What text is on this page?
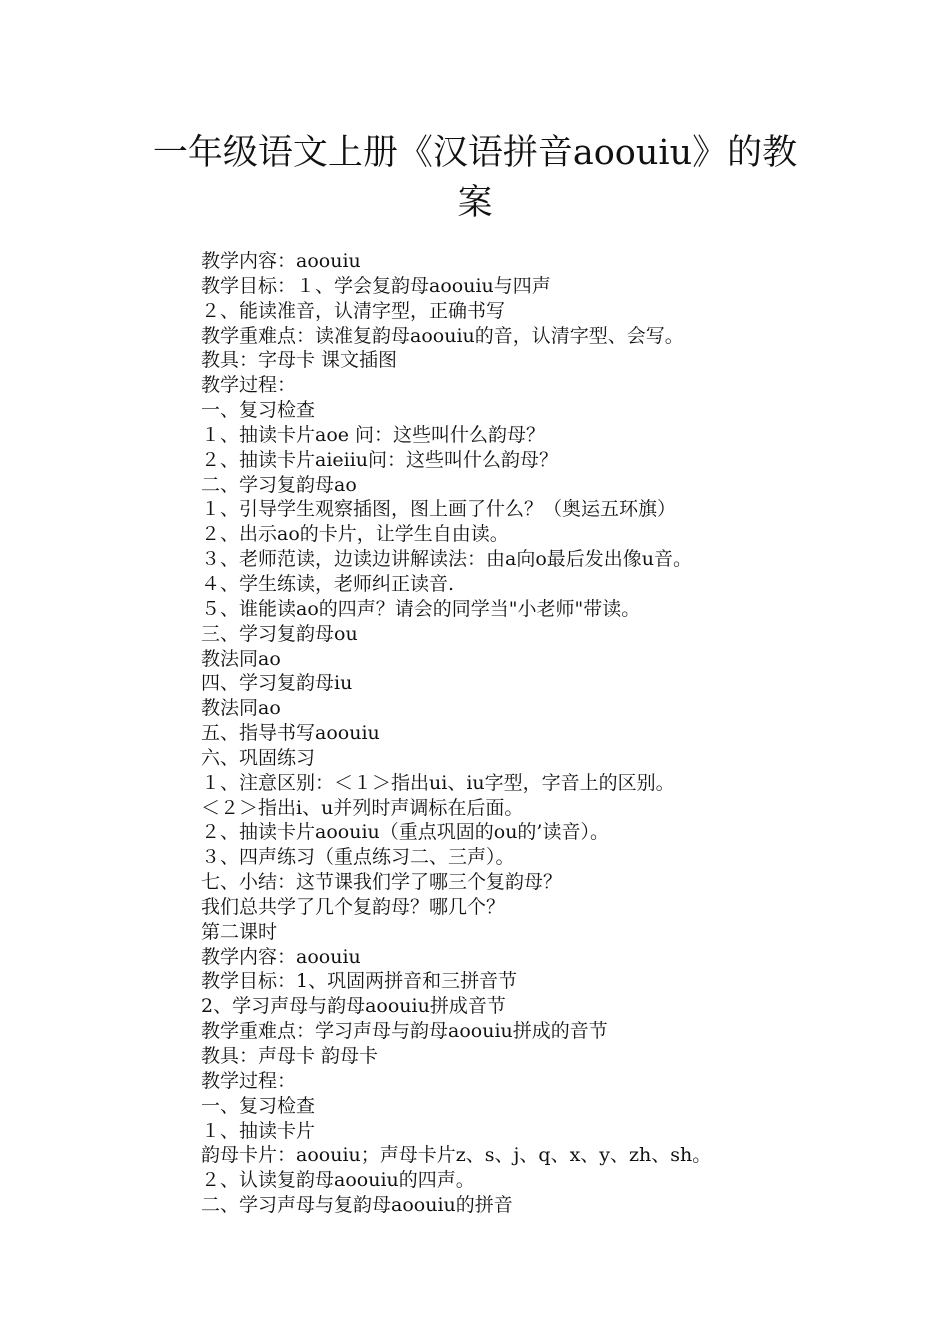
一年级语文上册《汉语拼音aoouiu》的教案
教学内容：aoouiu
教学目标：１、学会复韵母aoouiu与四声
２、能读准音，认清字型，正确书写
教学重难点：读准复韵母aoouiu的音，认清字型、会写。
教具：字母卡 课文插图
教学过程：
一、复习检查
１、抽读卡片aoe 问：这些叫什么韵母？
２、抽读卡片aieiiu问：这些叫什么韵母？
二、学习复韵母ao
１、引导学生观察插图，图上画了什么？（奥运五环旗）
２、出示ao的卡片，让学生自由读。
３、老师范读，边读边讲解读法：由a向o最后发出像u音。
４、学生练读，老师纠正读音.
５、谁能读ao的四声？请会的同学当"小老师"带读。
三、学习复韵母ou
教法同ao
四、学习复韵母iu
教法同ao
五、指导书写aoouiu
六、巩固练习
１、注意区别：＜１＞指出ui、iu字型，字音上的区别。
＜２＞指出i、u并列时声调标在后面。
２、抽读卡片aoouiu（重点巩固的ou的’读音）。
３、四声练习（重点练习二、三声）。
七、小结：这节课我们学了哪三个复韵母？
我们总共学了几个复韵母？哪几个？
第二课时
教学内容：aoouiu
教学目标：1、巩固两拼音和三拼音节
2、学习声母与韵母aoouiu拼成音节
教学重难点：学习声母与韵母aoouiu拼成的音节
教具：声母卡 韵母卡
教学过程：
一、复习检查
１、抽读卡片
韵母卡片：aoouiu；声母卡片z、s、j、q、x、y、zh、sh。
２、认读复韵母aoouiu的四声。
二、学习声母与复韵母aoouiu的拼音
